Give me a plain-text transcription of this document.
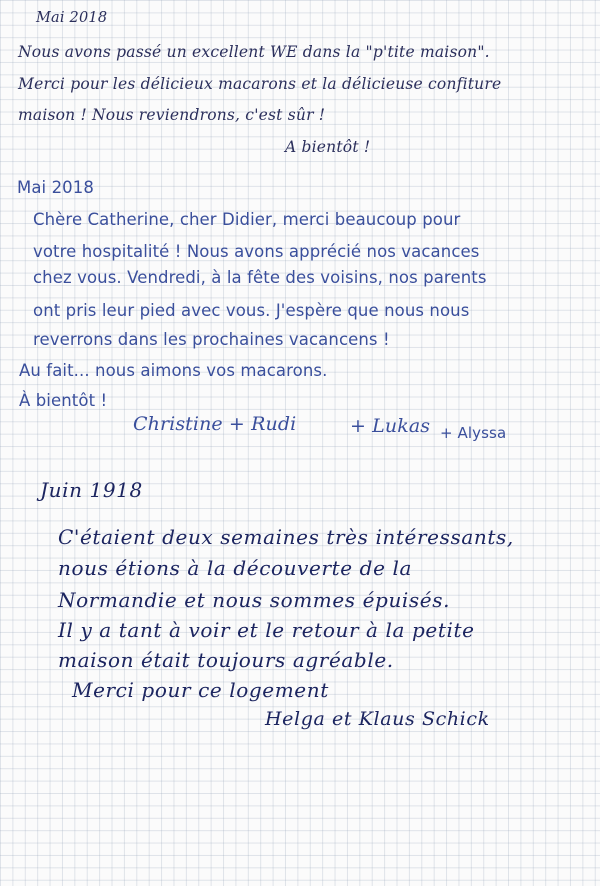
Mai 2018
Nous avons passé un excellent WE dans la "p'tite maison".
Merci pour les délicieux macarons et la délicieuse confiture
maison ! Nous reviendrons, c'est sûr !
A bientôt !
Mai 2018
Chère Catherine, cher Didier, merci beaucoup pour
votre hospitalité ! Nous avons apprécié nos vacances
chez vous. Vendredi, à la fête des voisins, nos parents
ont pris leur pied avec vous. J'espère que nous nous
reverrons dans les prochaines vacancens !
Au fait... nous aimons vos macarons.
À bientôt !
Christine + Rudi	+ Lukas + Alyssa
Juin 1918
C'étaient deux semaines très intéressants,
nous étions à la découverte de la
Normandie et nous sommes épuisés.
Il y a tant à voir et le retour à la petite
maison était toujours agréable.
Merci pour ce logement
Helga et Klaus Schick
